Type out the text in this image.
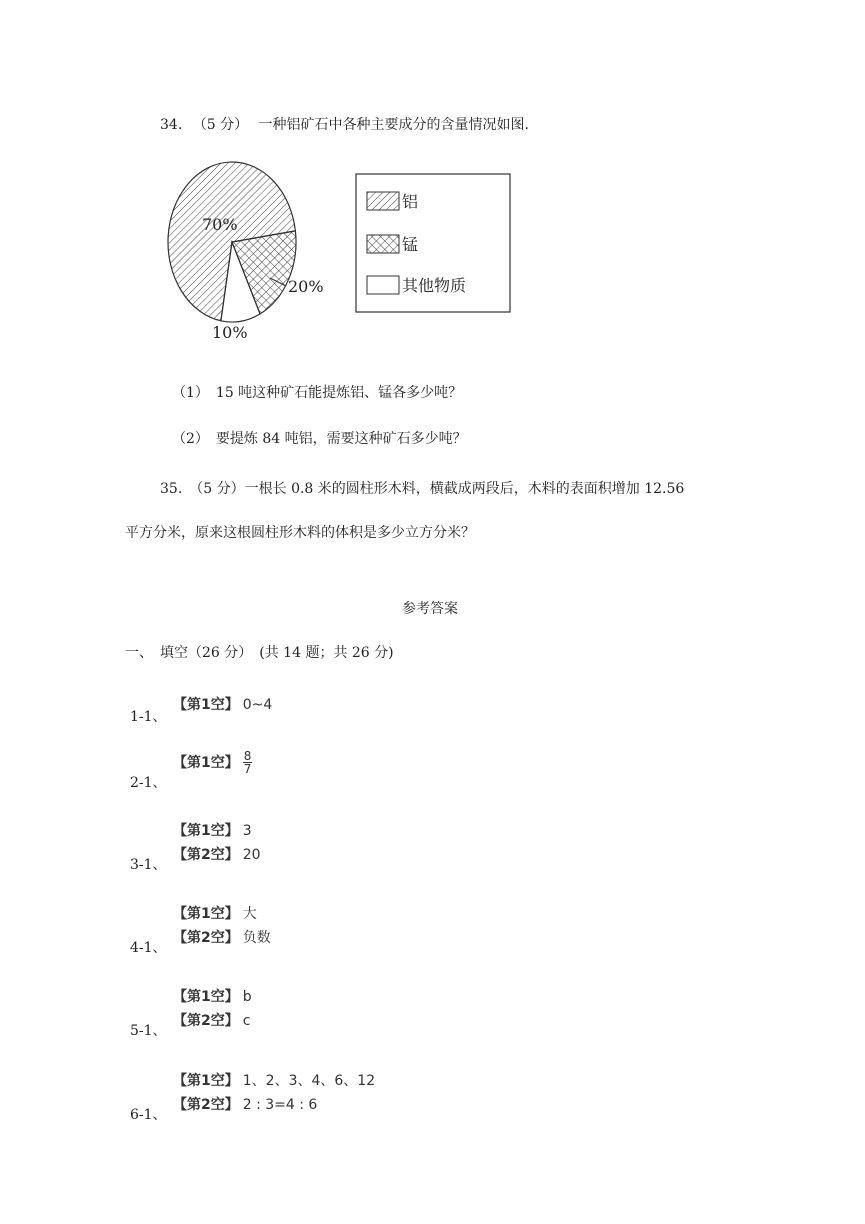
34. （5 分） 一种铝矿石中各种主要成分的含量情况如图.
10%
20%
70%
铝
锰
其他物质
（1）　15 吨这种矿石能提炼铝、锰各多少吨？
（2）　要提炼 84 吨铝，需要这种矿石多少吨？
35.　（5 分）一根长 0.8 米的圆柱形木料，横截成两段后，木料的表面积增加 12.56
平方分米，原来这根圆柱形木料的体积是多少立方分米？
参考答案
一、　填空（26 分）　(共 14 题；共 26 分)
1-1、
【第1空】 0~4
2-1、
【第1空】 $\frac{8}{7}$
3-1、
【第1空】 3
【第2空】 20
4-1、
【第1空】 大
【第2空】 负数
5-1、
【第1空】 b
【第2空】 c
6-1、
【第1空】 1、2、3、4、6、12
【第2空】 2 : 3=4 : 6
